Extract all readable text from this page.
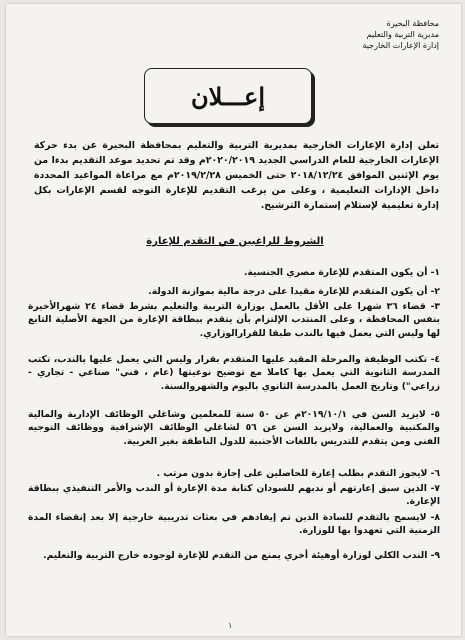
محافظة البحيرة
مديرية التربية والتعليم
إدارة الإعارات الخارجية
إعـــلان
تعلن إدارة الإعارات الخارجية بمديرية التربية والتعليم بمحافظة البحيرة عن بدء حركة الإعارات الخارجية للعام الدراسي الجديد ٢٠٢٠/٢٠١٩م وقد تم تحديد موعد التقديم بدءا من يوم الإثنين الموافق ٢٠١٨/١٢/٢٤ حتى الخميس ٢٠١٩/٢/٢٨م مع مراعاة المواعيد المحددة داخل الإدارات التعليمية ، وعلى من يرغب التقديم للإعارة التوجه لقسم الإعارات بكل إدارة تعليمية لإستلام إستمارة الترشيح.
الشروط للراغبين في التقدم للإعارة
١- أن يكون المتقدم للإعارة مصري الجنسية.
٢- أن يكون المتقدم للإعارة مقيدا على درجة مالية بموازنة الدولة.
٣- قضاء ٣٦ شهرا على الأقل بالعمل بوزارة التربية والتعليم بشرط قضاء ٢٤ شهرالأخيرة بنفس المحافظة ، وعلى المنتدب الإلتزام بأن يتقدم ببطاقة الإعارة من الجهة الأصلية التابع لها وليس التي يعمل فيها بالندب طبقا للقرارالوزاري.
٤- تكتب الوظيفة والمرحلة المقيد عليها المتقدم بقرار وليس التي يعمل عليها بالندب، تكتب المدرسة الثانوية التي يعمل بها كاملا مع توضيح نوعيتها (عام ، فني" صناعي - تجاري - زراعي") وتاريخ العمل بالمدرسة الثانوي باليوم والشهروالسنة.
٥- لايزيد السن في ٢٠١٩/١٠/١م عن ٥٠ سنة للمعلمين وشاغلي الوظائف الإدارية والمالية والمكتبية والعمالية، ولايزيد السن عن ٥٦ لشاغلي الوظائف الإشرافية ووظائف التوجيه الفني ومن يتقدم للتدريس باللغات الأجنبية للدول الناطقة بغير العربية.
٦- لايجوز التقدم بطلب إعارة للحاصلين على إجازة بدون مرتب .
٧- الذين سبق إعارتهم أو ندبهم للسودان كتابة مدة الإعارة أو الندب والأمر التنفيذي ببطاقة الإعارة.
٨- لايسمح بالتقدم للسادة الذين تم إيفادهم في بعثات تدريبية خارجية إلا بعد إنقضاء المدة الزمنية التي تعهدوا بها للوزارة.
٩- الندب الكلي لوزارة أوهيئة أخري يمنع من التقدم للإعارة لوجوده خارج التربية والتعليم.
١
